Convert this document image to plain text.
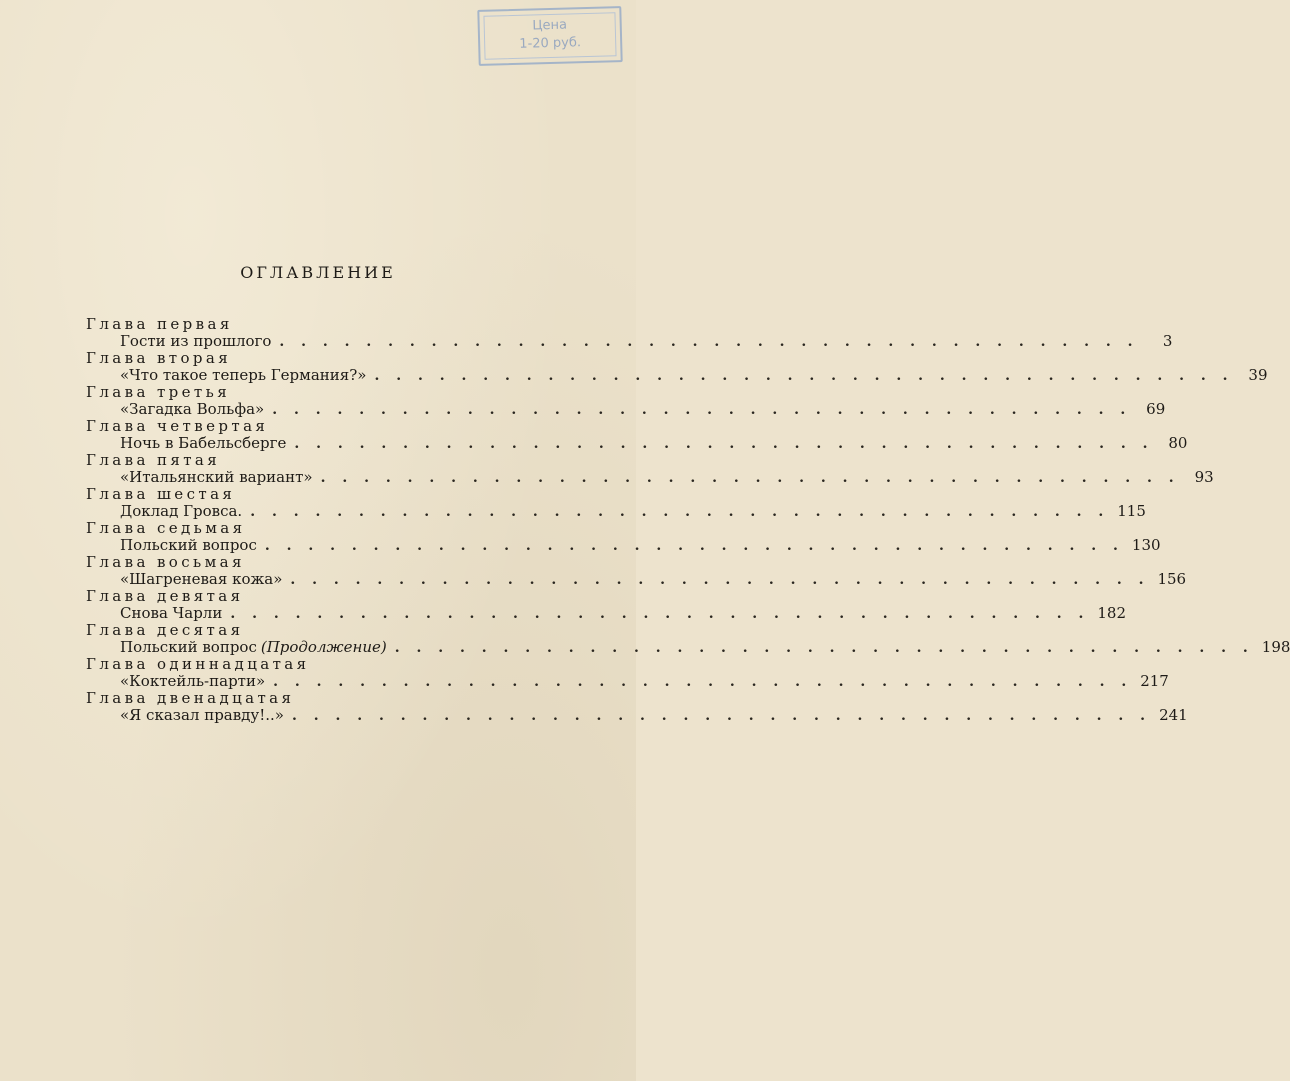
Цена
1-20 руб.
ОГЛАВЛЕНИЕ
Глава первая
Гости из прошлого . . . . . . . . . . . . . . . . . . . . . . . . . . . . . . . . . . . . . . . .	3
Глава вторая
«Что такое теперь Германия?» . . . . . . . . . . . . . . . . . . . . . . . . . . . . . . . . . . . . . . . . 39
Глава третья
«Загадка Вольфа» . . . . . . . . . . . . . . . . . . . . . . . . . . . . . . . . . . . . . . . . 69
Глава четвертая
Ночь в Бабельсберге . . . . . . . . . . . . . . . . . . . . . . . . . . . . . . . . . . . . . . . . 80
Глава пятая
«Итальянский вариант» . . . . . . . . . . . . . . . . . . . . . . . . . . . . . . . . . . . . . . . . 93
Глава шестая
Доклад Гровса. . . . . . . . . . . . . . . . . . . . . . . . . . . . . . . . . . . . . . . . . 115
Глава седьмая
Польский вопрос . . . . . . . . . . . . . . . . . . . . . . . . . . . . . . . . . . . . . . . . 130
Глава восьмая
«Шагреневая кожа» . . . . . . . . . . . . . . . . . . . . . . . . . . . . . . . . . . . . . . . . 156
Глава девятая
Снова Чарли . . . . . . . . . . . . . . . . . . . . . . . . . . . . . . . . . . . . . . . . 182
Глава десятая
Польский вопрос (Продолжение) . . . . . . . . . . . . . . . . . . . . . . . . . . . . . . . . . . . . . . . . 198
Глава одиннадцатая
«Коктейль-парти» . . . . . . . . . . . . . . . . . . . . . . . . . . . . . . . . . . . . . . . . 217
Глава двенадцатая
«Я сказал правду!..» . . . . . . . . . . . . . . . . . . . . . . . . . . . . . . . . . . . . . . . . 241
